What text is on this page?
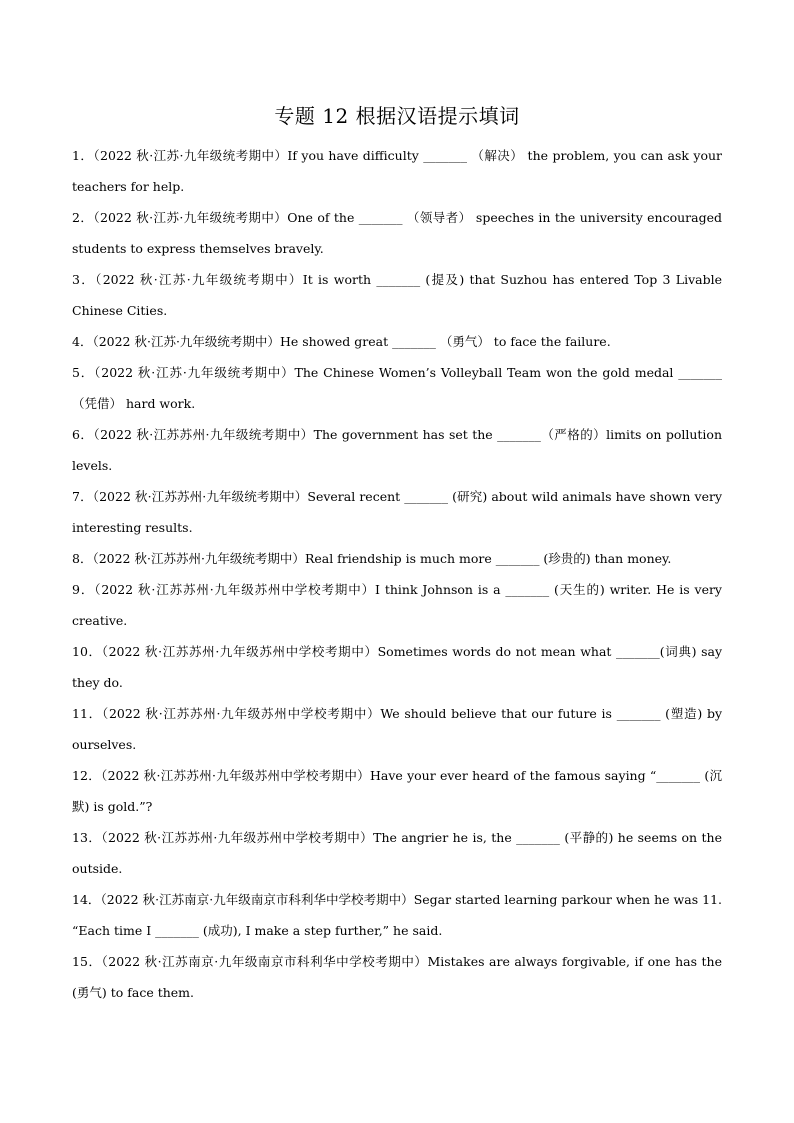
专题 12 根据汉语提示填词

1．（2022 秋·江苏·九年级统考期中）If you have difficulty _______ （解决） the problem, you can ask your teachers for help.

2．（2022 秋·江苏·九年级统考期中）One of the _______ （领导者） speeches in the university encouraged students to express themselves bravely.

3．（2022 秋·江苏·九年级统考期中）It is worth _______ (提及) that Suzhou has entered Top 3 Livable Chinese Cities.

4．（2022 秋·江苏·九年级统考期中）He showed great _______ （勇气） to face the failure.

5．（2022 秋·江苏·九年级统考期中）The Chinese Women’s Volleyball Team won the gold medal _______（凭借） hard work.

6．（2022 秋·江苏苏州·九年级统考期中）The government has set the _______（严格的）limits on pollution levels.

7．（2022 秋·江苏苏州·九年级统考期中）Several recent _______ (研究) about wild animals have shown very interesting results.

8．（2022 秋·江苏苏州·九年级统考期中）Real friendship is much more _______ (珍贵的) than money.

9．（2022 秋·江苏苏州·九年级苏州中学校考期中）I think Johnson is a _______ (天生的) writer. He is very creative.

10．（2022 秋·江苏苏州·九年级苏州中学校考期中）Sometimes words do not mean what _______(词典) say they do.

11．（2022 秋·江苏苏州·九年级苏州中学校考期中）We should believe that our future is _______ (塑造) by ourselves.

12．（2022 秋·江苏苏州·九年级苏州中学校考期中）Have your ever heard of the famous saying “_______ (沉默) is gold.”?

13．（2022 秋·江苏苏州·九年级苏州中学校考期中）The angrier he is, the _______ (平静的) he seems on the outside.

14．（2022 秋·江苏南京·九年级南京市科利华中学校考期中）Segar started learning parkour when he was 11. “Each time I _______ (成功), I make a step further,” he said.

15．（2022 秋·江苏南京·九年级南京市科利华中学校考期中）Mistakes are always forgivable, if one has the (勇气) to face them.
